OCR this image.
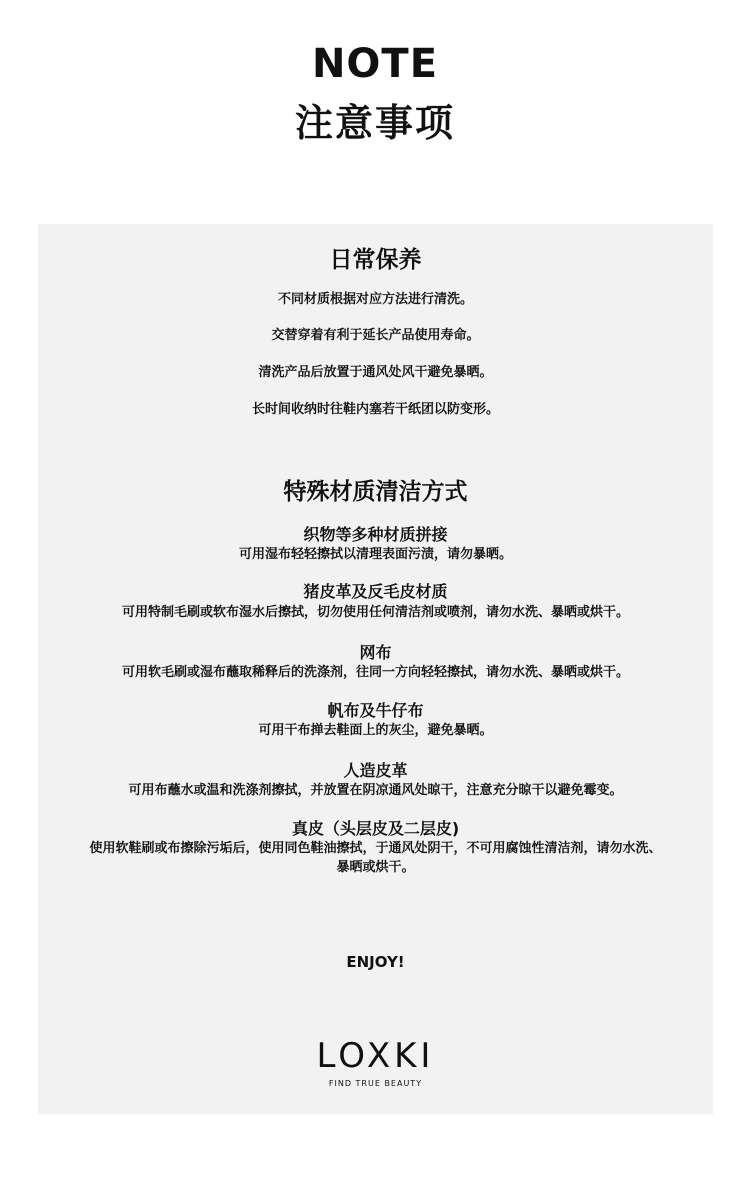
NOTE
注意事项
日常保养
不同材质根据对应方法进行清洗。
交替穿着有利于延长产品使用寿命。
清洗产品后放置于通风处风干避免暴晒。
长时间收纳时往鞋内塞若干纸团以防变形。
特殊材质清洁方式
织物等多种材质拼接
可用湿布轻轻擦拭以清理表面污渍，请勿暴晒。
猪皮革及反毛皮材质
可用特制毛刷或软布湿水后擦拭，切勿使用任何清洁剂或喷剂，请勿水洗、暴晒或烘干。
网布
可用软毛刷或湿布蘸取稀释后的洗涤剂，往同一方向轻轻擦拭，请勿水洗、暴晒或烘干。
帆布及牛仔布
可用干布掸去鞋面上的灰尘，避免暴晒。
人造皮革
可用布蘸水或温和洗涤剂擦拭，并放置在阴凉通风处晾干，注意充分晾干以避免霉变。
真皮（头层皮及二层皮)
使用软鞋刷或布擦除污垢后，使用同色鞋油擦拭，于通风处阴干，不可用腐蚀性清洁剂，请勿水洗、
暴晒或烘干。
ENJOY!
LOXKI
FIND TRUE BEAUTY
